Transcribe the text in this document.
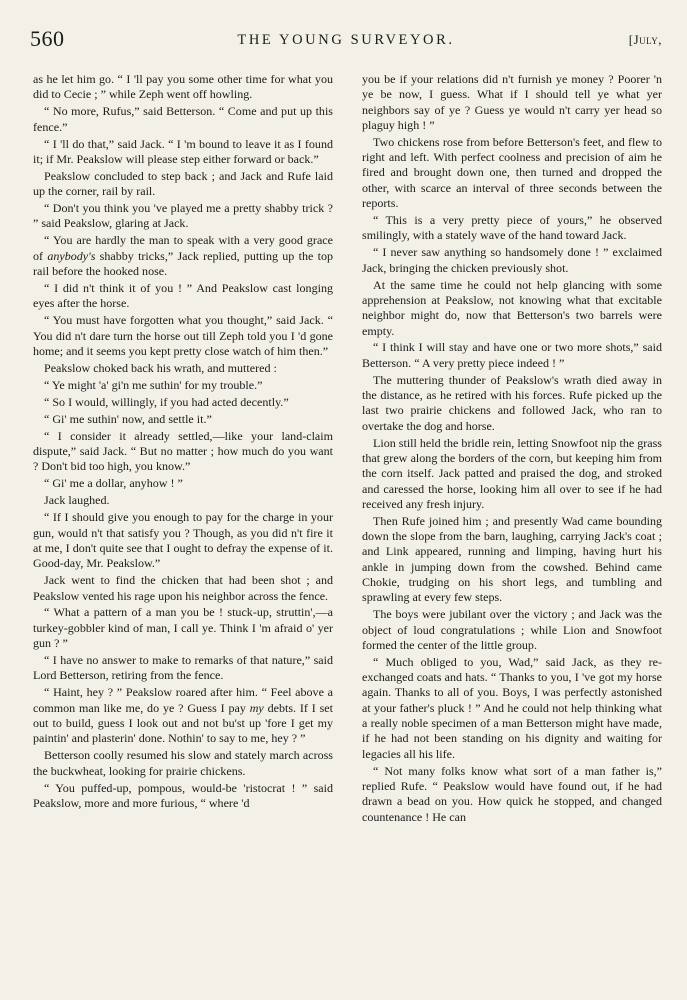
560	THE YOUNG SURVEYOR.	[July,

as he let him go. “ I 'll pay you some other time for what you did to Cecie ; ” while Zeph went off howling.

“ No more, Rufus,” said Betterson. “ Come and put up this fence.”

“ I 'll do that,” said Jack. “ I 'm bound to leave it as I found it; if Mr. Peakslow will please step either forward or back.”

Peakslow concluded to step back ; and Jack and Rufe laid up the corner, rail by rail.

“ Don't you think you 've played me a pretty shabby trick ? ” said Peakslow, glaring at Jack.

“ You are hardly the man to speak with a very good grace of anybody's shabby tricks,” Jack replied, putting up the top rail before the hooked nose.

“ I did n't think it of you ! ” And Peakslow cast longing eyes after the horse.

“ You must have forgotten what you thought,” said Jack. “ You did n't dare turn the horse out till Zeph told you I 'd gone home; and it seems you kept pretty close watch of him then.”

Peakslow choked back his wrath, and muttered :

“ Ye might 'a' gi'n me suthin' for my trouble.”

“ So I would, willingly, if you had acted decently.”

“ Gi' me suthin' now, and settle it.”

“ I consider it already settled,—like your land-claim dispute,” said Jack. “ But no matter ; how much do you want ? Don't bid too high, you know.”

“ Gi' me a dollar, anyhow ! ”

Jack laughed.

“ If I should give you enough to pay for the charge in your gun, would n't that satisfy you ? Though, as you did n't fire it at me, I don't quite see that I ought to defray the expense of it. Good-day, Mr. Peakslow.”

Jack went to find the chicken that had been shot ; and Peakslow vented his rage upon his neighbor across the fence.

“ What a pattern of a man you be ! stuck-up, struttin',—a turkey-gobbler kind of man, I call ye. Think I 'm afraid o' yer gun ? ”

“ I have no answer to make to remarks of that nature,” said Lord Betterson, retiring from the fence.

“ Haint, hey ? ” Peakslow roared after him. “ Feel above a common man like me, do ye ? Guess I pay my debts. If I set out to build, guess I look out and not bu'st up 'fore I get my paintin' and plasterin' done. Nothin' to say to me, hey ? ”

Betterson coolly resumed his slow and stately march across the buckwheat, looking for prairie chickens.

“ You puffed-up, pompous, would-be 'ristocrat ! ” said Peakslow, more and more furious, “ where 'd

you be if your relations did n't furnish ye money ? Poorer 'n ye be now, I guess. What if I should tell ye what yer neighbors say of ye ? Guess ye would n't carry yer head so plaguy high ! ”

Two chickens rose from before Betterson's feet, and flew to right and left. With perfect coolness and precision of aim he fired and brought down one, then turned and dropped the other, with scarce an interval of three seconds between the reports.

“ This is a very pretty piece of yours,” he observed smilingly, with a stately wave of the hand toward Jack.

“ I never saw anything so handsomely done ! ” exclaimed Jack, bringing the chicken previously shot.

At the same time he could not help glancing with some apprehension at Peakslow, not knowing what that excitable neighbor might do, now that Betterson's two barrels were empty.

“ I think I will stay and have one or two more shots,” said Betterson. “ A very pretty piece indeed ! ”

The muttering thunder of Peakslow's wrath died away in the distance, as he retired with his forces. Rufe picked up the last two prairie chickens and followed Jack, who ran to overtake the dog and horse.

Lion still held the bridle rein, letting Snowfoot nip the grass that grew along the borders of the corn, but keeping him from the corn itself. Jack patted and praised the dog, and stroked and caressed the horse, looking him all over to see if he had received any fresh injury.

Then Rufe joined him ; and presently Wad came bounding down the slope from the barn, laughing, carrying Jack's coat ; and Link appeared, running and limping, having hurt his ankle in jumping down from the cowshed. Behind came Chokie, trudging on his short legs, and tumbling and sprawling at every few steps.

The boys were jubilant over the victory ; and Jack was the object of loud congratulations ; while Lion and Snowfoot formed the center of the little group.

“ Much obliged to you, Wad,” said Jack, as they re-exchanged coats and hats. “ Thanks to you, I 've got my horse again. Thanks to all of you. Boys, I was perfectly astonished at your father's pluck ! ” And he could not help thinking what a really noble specimen of a man Betterson might have made, if he had not been standing on his dignity and waiting for legacies all his life.

“ Not many folks know what sort of a man father is,” replied Rufe. “ Peakslow would have found out, if he had drawn a bead on you. How quick he stopped, and changed countenance ! He can
